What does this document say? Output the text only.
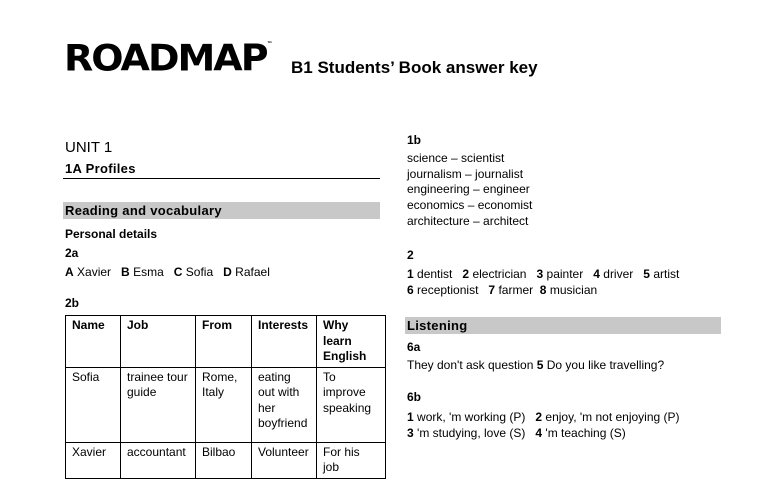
ROADMAP™
B1 Students’ Book answer key
UNIT 1
1A Profiles
Reading and vocabulary
Personal details
2a
A Xavier B Esma C Sofia D Rafael
2b
Name	Job	From	Interests	Why learn English
Sofia	trainee tour guide	Rome, Italy	eating out with her boyfriend	To improve speaking
Xavier	accountant	Bilbao	Volunteer	For his job
1b
science – scientist
journalism – journalist
engineering – engineer
economics – economist
architecture – architect
2
1 dentist 2 electrician 3 painter 4 driver 5 artist
6 receptionist 7 farmer 8 musician
Listening
6a
They don't ask question 5 Do you like travelling?
6b
1 work, 'm working (P) 2 enjoy, 'm not enjoying (P)
3 'm studying, love (S) 4 'm teaching (S)
